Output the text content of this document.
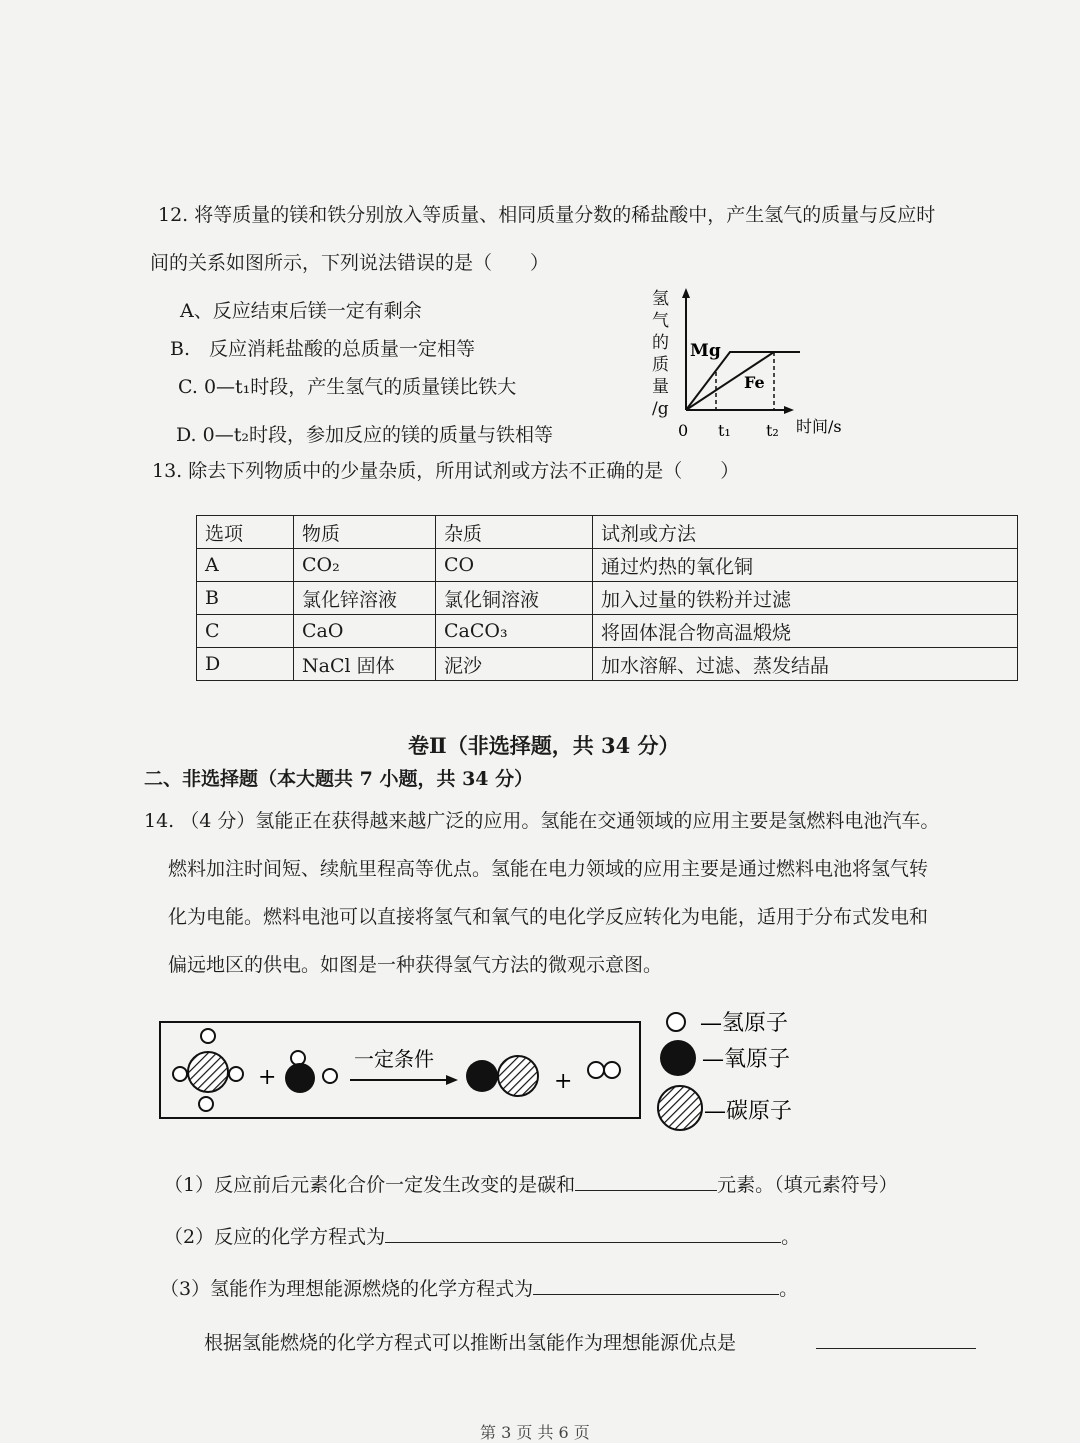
12. 将等质量的镁和铁分别放入等质量、相同质量分数的稀盐酸中，产生氢气的质量与反应时
间的关系如图所示，下列说法错误的是（　　）
A、反应结束后镁一定有剩余
B.　反应消耗盐酸的总质量一定相等
C. 0—t₁时段，产生氢气的质量镁比铁大
D. 0—t₂时段，参加反应的镁的质量与铁相等
氢
气
的
质
量
/g
Mg
Fe
0 t₁ t₂ 时间/s
13. 除去下列物质中的少量杂质，所用试剂或方法不正确的是（　　）
选项	物质	杂质	试剂或方法
A	CO₂	CO	通过灼热的氧化铜
B	氯化锌溶液	氯化铜溶液	加入过量的铁粉并过滤
C	CaO	CaCO₃	将固体混合物高温煅烧
D	NaCl 固体	泥沙	加水溶解、过滤、蒸发结晶
卷Ⅱ（非选择题，共 34 分）
二、非选择题（本大题共 7 小题，共 34 分）
14. （4 分）氢能正在获得越来越广泛的应用。氢能在交通领域的应用主要是氢燃料电池汽车。
燃料加注时间短、续航里程高等优点。氢能在电力领域的应用主要是通过燃料电池将氢气转
化为电能。燃料电池可以直接将氢气和氧气的电化学反应转化为电能，适用于分布式发电和
偏远地区的供电。如图是一种获得氢气方法的微观示意图。
+
一定条件
+
—氢原子
—氧原子
—碳原子
（1）反应前后元素化合价一定发生改变的是碳和	元素。（填元素符号）
（2）反应的化学方程式为	。
（3）氢能作为理想能源燃烧的化学方程式为	。
根据氢能燃烧的化学方程式可以推断出氢能作为理想能源优点是
第 3 页 共 6 页
